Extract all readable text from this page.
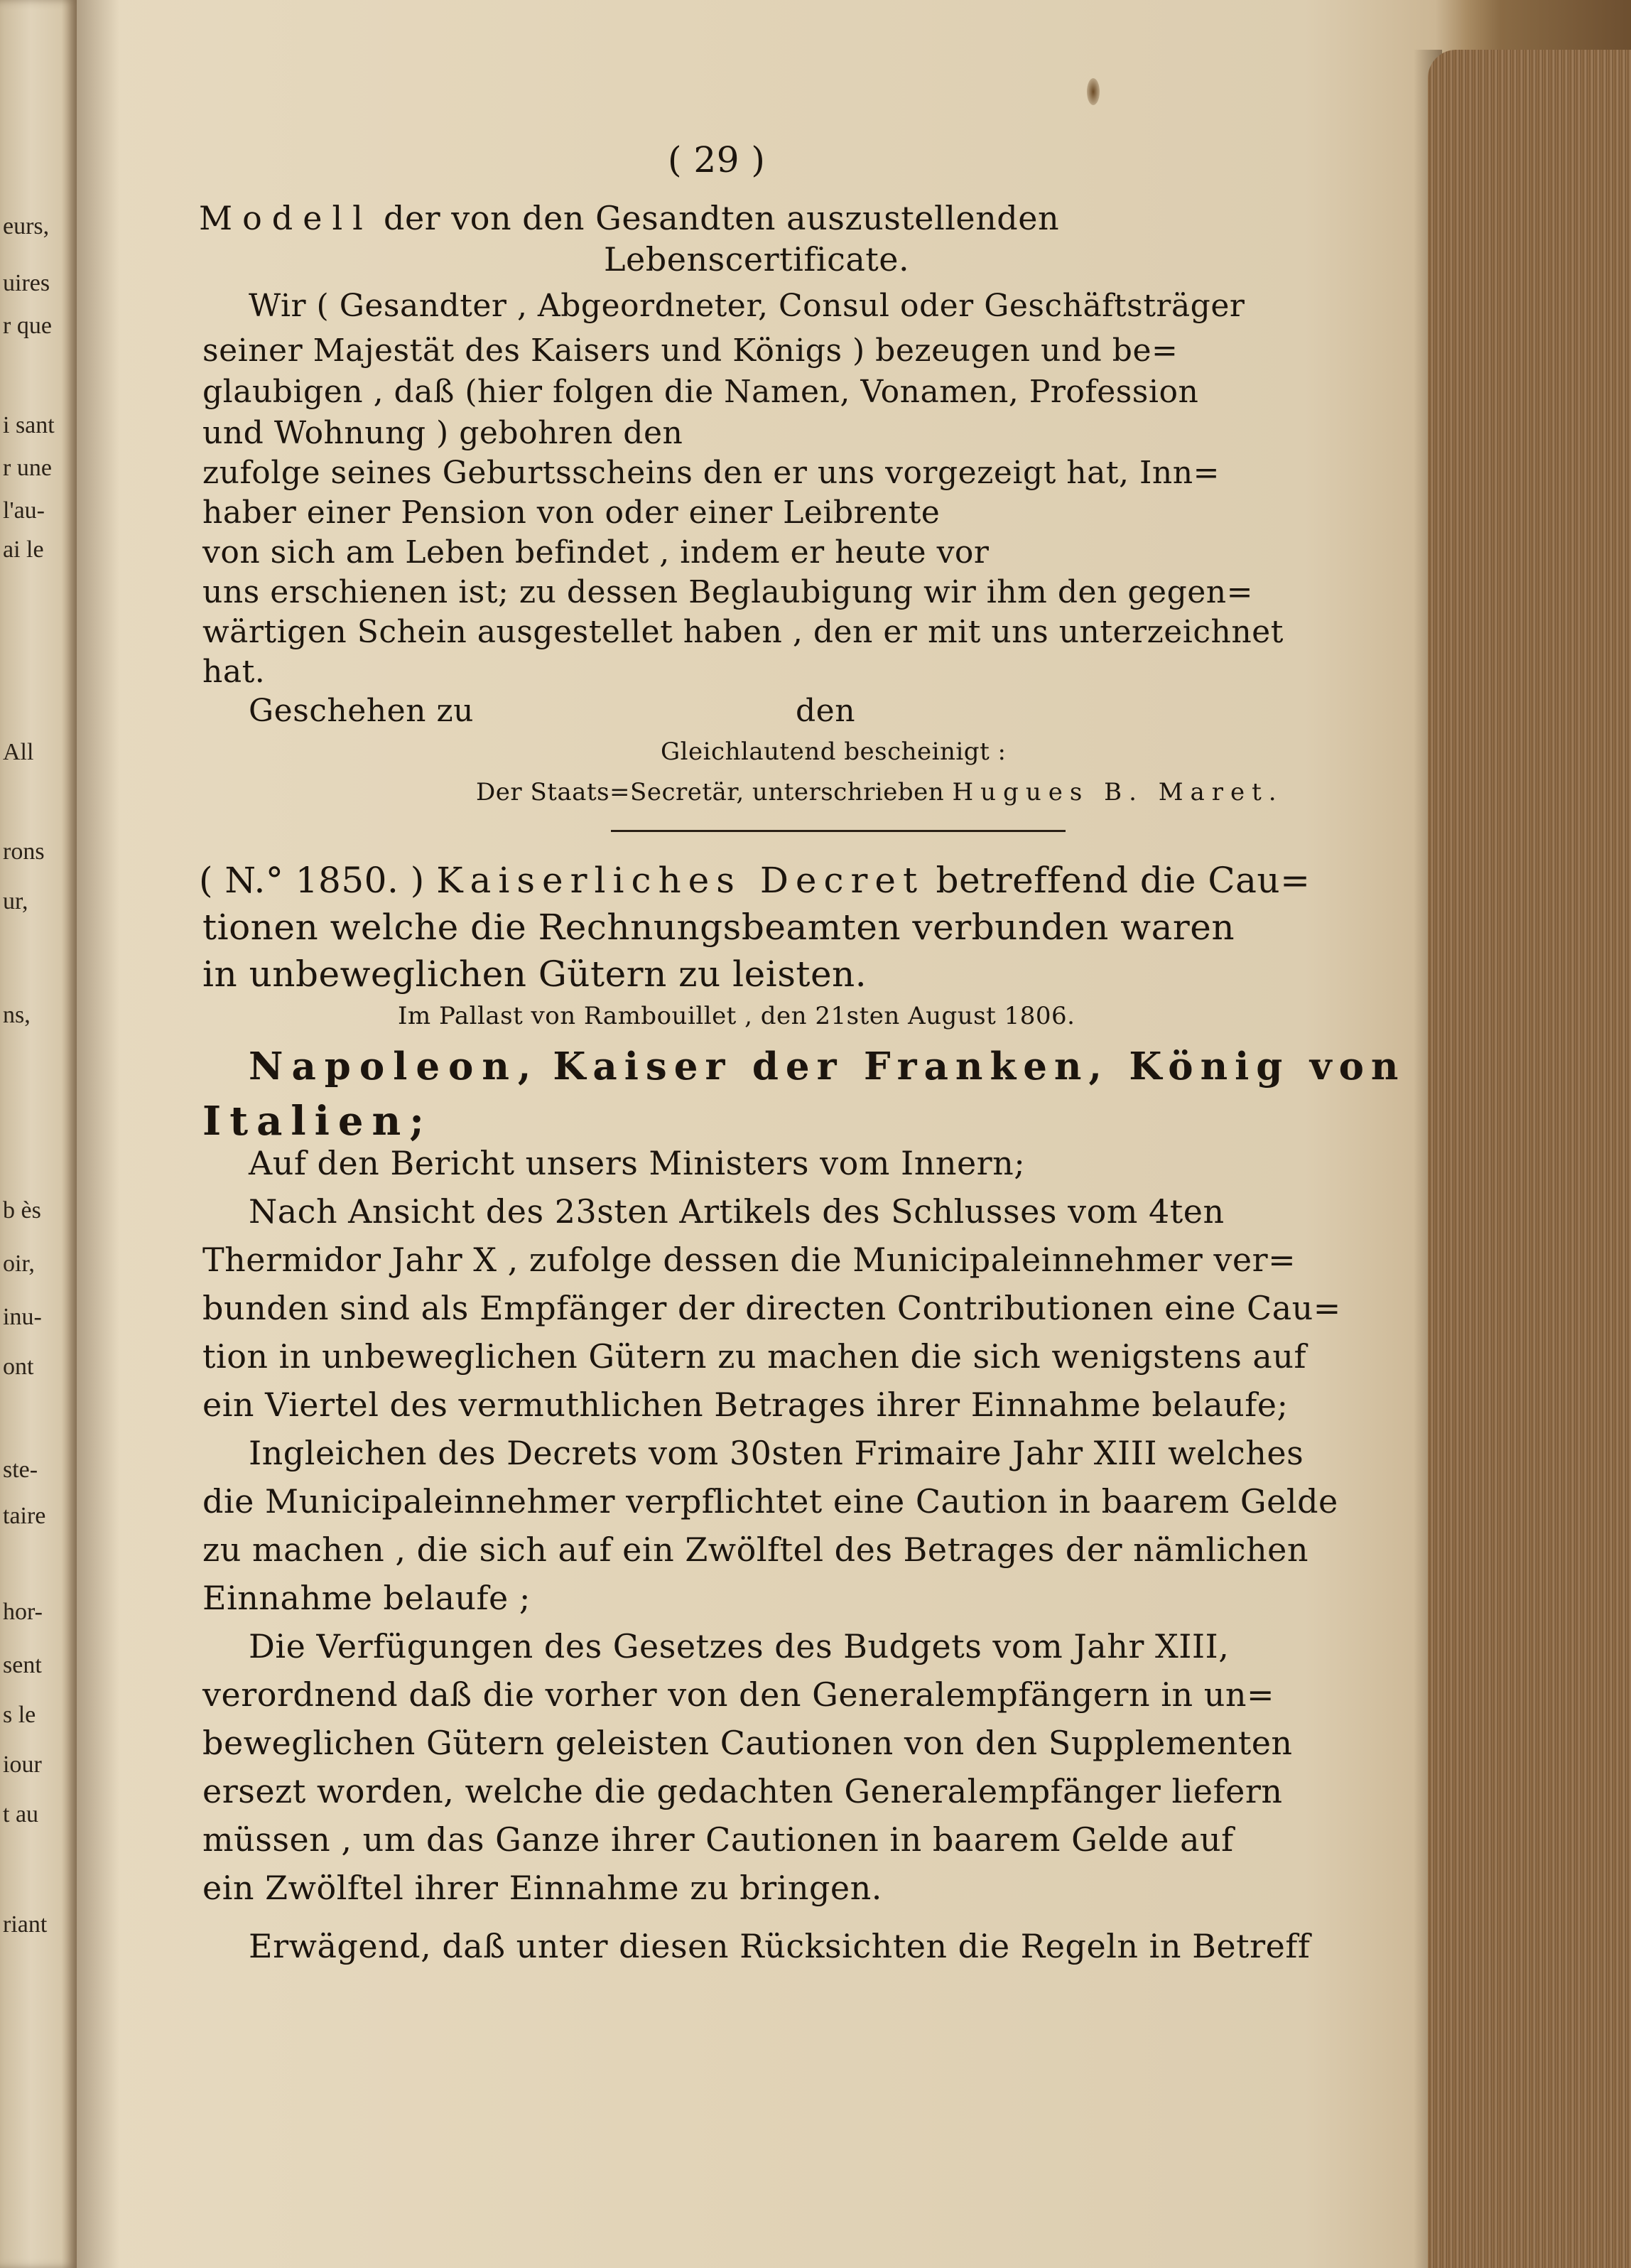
eurs,
uires
r que
i sant
r une
l'au-
ai le
All
rons
ur,
ns,
b ès
oir,
inu-
ont
ste-
taire
hor-
sent
s le
iour
t au
riant
( 29 )
Modell der von den Gesandten auszustellenden
Lebenscertificate.
Wir ( Gesandter , Abgeordneter, Consul oder Geschäftsträger
seiner Majestät des Kaisers und Königs ) bezeugen und be=
glaubigen , daß (hier folgen die Namen, Vonamen, Profession
und Wohnung ) gebohren den
zufolge seines Geburtsscheins den er uns vorgezeigt hat, Inn=
haber einer Pension von oder einer Leibrente
von sich am Leben befindet , indem er heute vor
uns erschienen ist; zu dessen Beglaubigung wir ihm den gegen=
wärtigen Schein ausgestellet haben , den er mit uns unterzeichnet
hat.
Geschehen zu	den
Gleichlautend bescheinigt :
Der Staats=Secretär, unterschrieben Hugues B. Maret.
( N.° 1850. ) Kaiserliches Decret betreffend die Cau=
tionen welche die Rechnungsbeamten verbunden waren
in unbeweglichen Gütern zu leisten.
Im Pallast von Rambouillet , den 21sten August 1806.
Napoleon, Kaiser der Franken, König von
Italien;
Auf den Bericht unsers Ministers vom Innern;
Nach Ansicht des 23sten Artikels des Schlusses vom 4ten
Thermidor Jahr X , zufolge dessen die Municipaleinnehmer ver=
bunden sind als Empfänger der directen Contributionen eine Cau=
tion in unbeweglichen Gütern zu machen die sich wenigstens auf
ein Viertel des vermuthlichen Betrages ihrer Einnahme belaufe;
Ingleichen des Decrets vom 30sten Frimaire Jahr XIII welches
die Municipaleinnehmer verpflichtet eine Caution in baarem Gelde
zu machen , die sich auf ein Zwölftel des Betrages der nämlichen
Einnahme belaufe ;
Die Verfügungen des Gesetzes des Budgets vom Jahr XIII,
verordnend daß die vorher von den Generalempfängern in un=
beweglichen Gütern geleisten Cautionen von den Supplementen
ersezt worden, welche die gedachten Generalempfänger liefern
müssen , um das Ganze ihrer Cautionen in baarem Gelde auf
ein Zwölftel ihrer Einnahme zu bringen.
Erwägend, daß unter diesen Rücksichten die Regeln in Betreff
